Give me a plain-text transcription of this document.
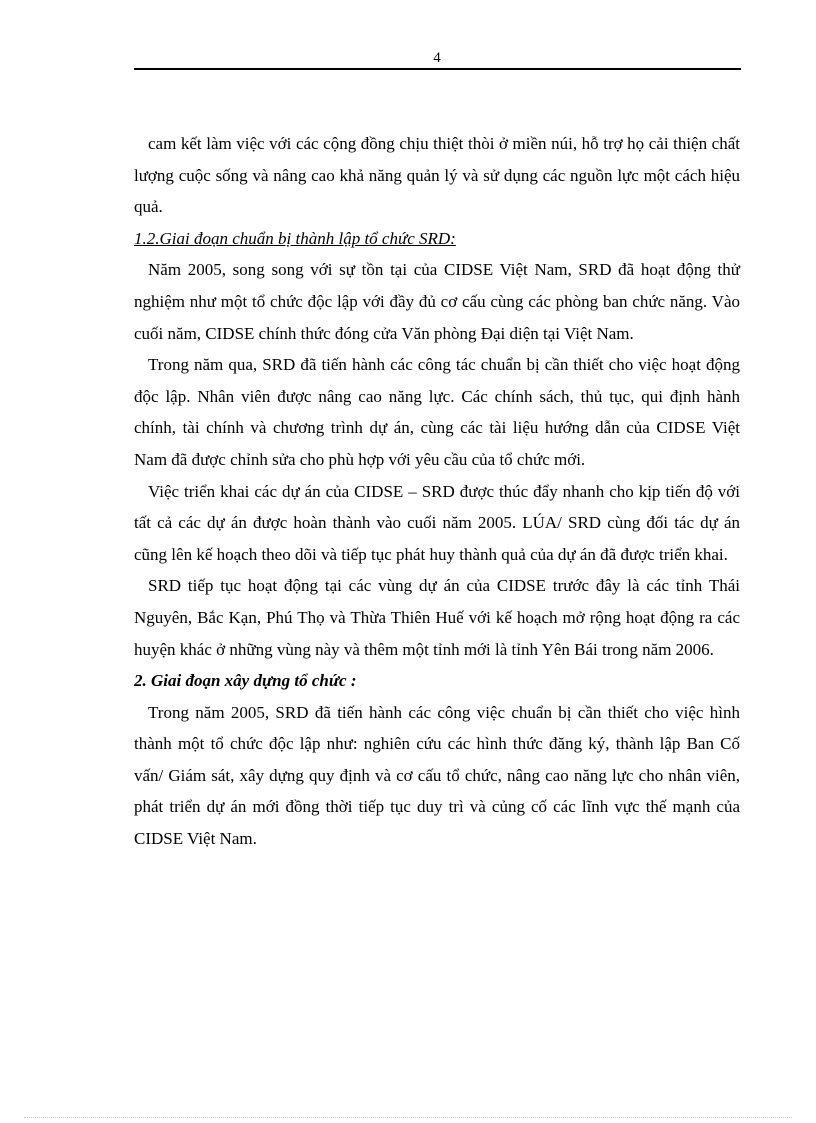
4

cam kết làm việc với các cộng đồng chịu thiệt thòi ở miền núi, hỗ trợ họ cải thiện chất lượng cuộc sống và nâng cao khả năng quản lý và sử dụng các nguồn lực một cách hiệu quả.

1.2.Giai đoạn chuẩn bị thành lập tổ chức SRD:

Năm 2005, song song với sự tồn tại của CIDSE Việt Nam, SRD đã hoạt động thử nghiệm như một tổ chức độc lập với đầy đủ cơ cấu cùng các phòng ban chức năng. Vào cuối năm, CIDSE chính thức đóng cửa Văn phòng Đại diện tại Việt Nam.

Trong năm qua, SRD đã tiến hành các công tác chuẩn bị cần thiết cho việc hoạt động độc lập. Nhân viên được nâng cao năng lực. Các chính sách, thủ tục, qui định hành chính, tài chính và chương trình dự án, cùng các tài liệu hướng dẫn của CIDSE Việt Nam đã được chỉnh sửa cho phù hợp với yêu cầu của tổ chức mới.

Việc triển khai các dự án của CIDSE – SRD được thúc đẩy nhanh cho kịp tiến độ với tất cả các dự án được hoàn thành vào cuối năm 2005. LÚA/ SRD cùng đối tác dự án cũng lên kế hoạch theo dõi và tiếp tục phát huy thành quả của dự án đã được triển khai.

SRD tiếp tục hoạt động tại các vùng dự án của CIDSE trước đây là các tỉnh Thái Nguyên, Bắc Kạn, Phú Thọ và Thừa Thiên Huế với kế hoạch mở rộng hoạt động ra các huyện khác ở những vùng này và thêm một tỉnh mới là tỉnh Yên Bái trong năm 2006.

2. Giai đoạn xây dựng tổ chức :

Trong năm 2005, SRD đã tiến hành các công việc chuẩn bị cần thiết cho việc hình thành một tổ chức độc lập như: nghiên cứu các hình thức đăng ký, thành lập Ban Cố vấn/ Giám sát, xây dựng quy định và cơ cấu tổ chức, nâng cao năng lực cho nhân viên, phát triển dự án mới đồng thời tiếp tục duy trì và củng cố các lĩnh vực thế mạnh của CIDSE Việt Nam.
